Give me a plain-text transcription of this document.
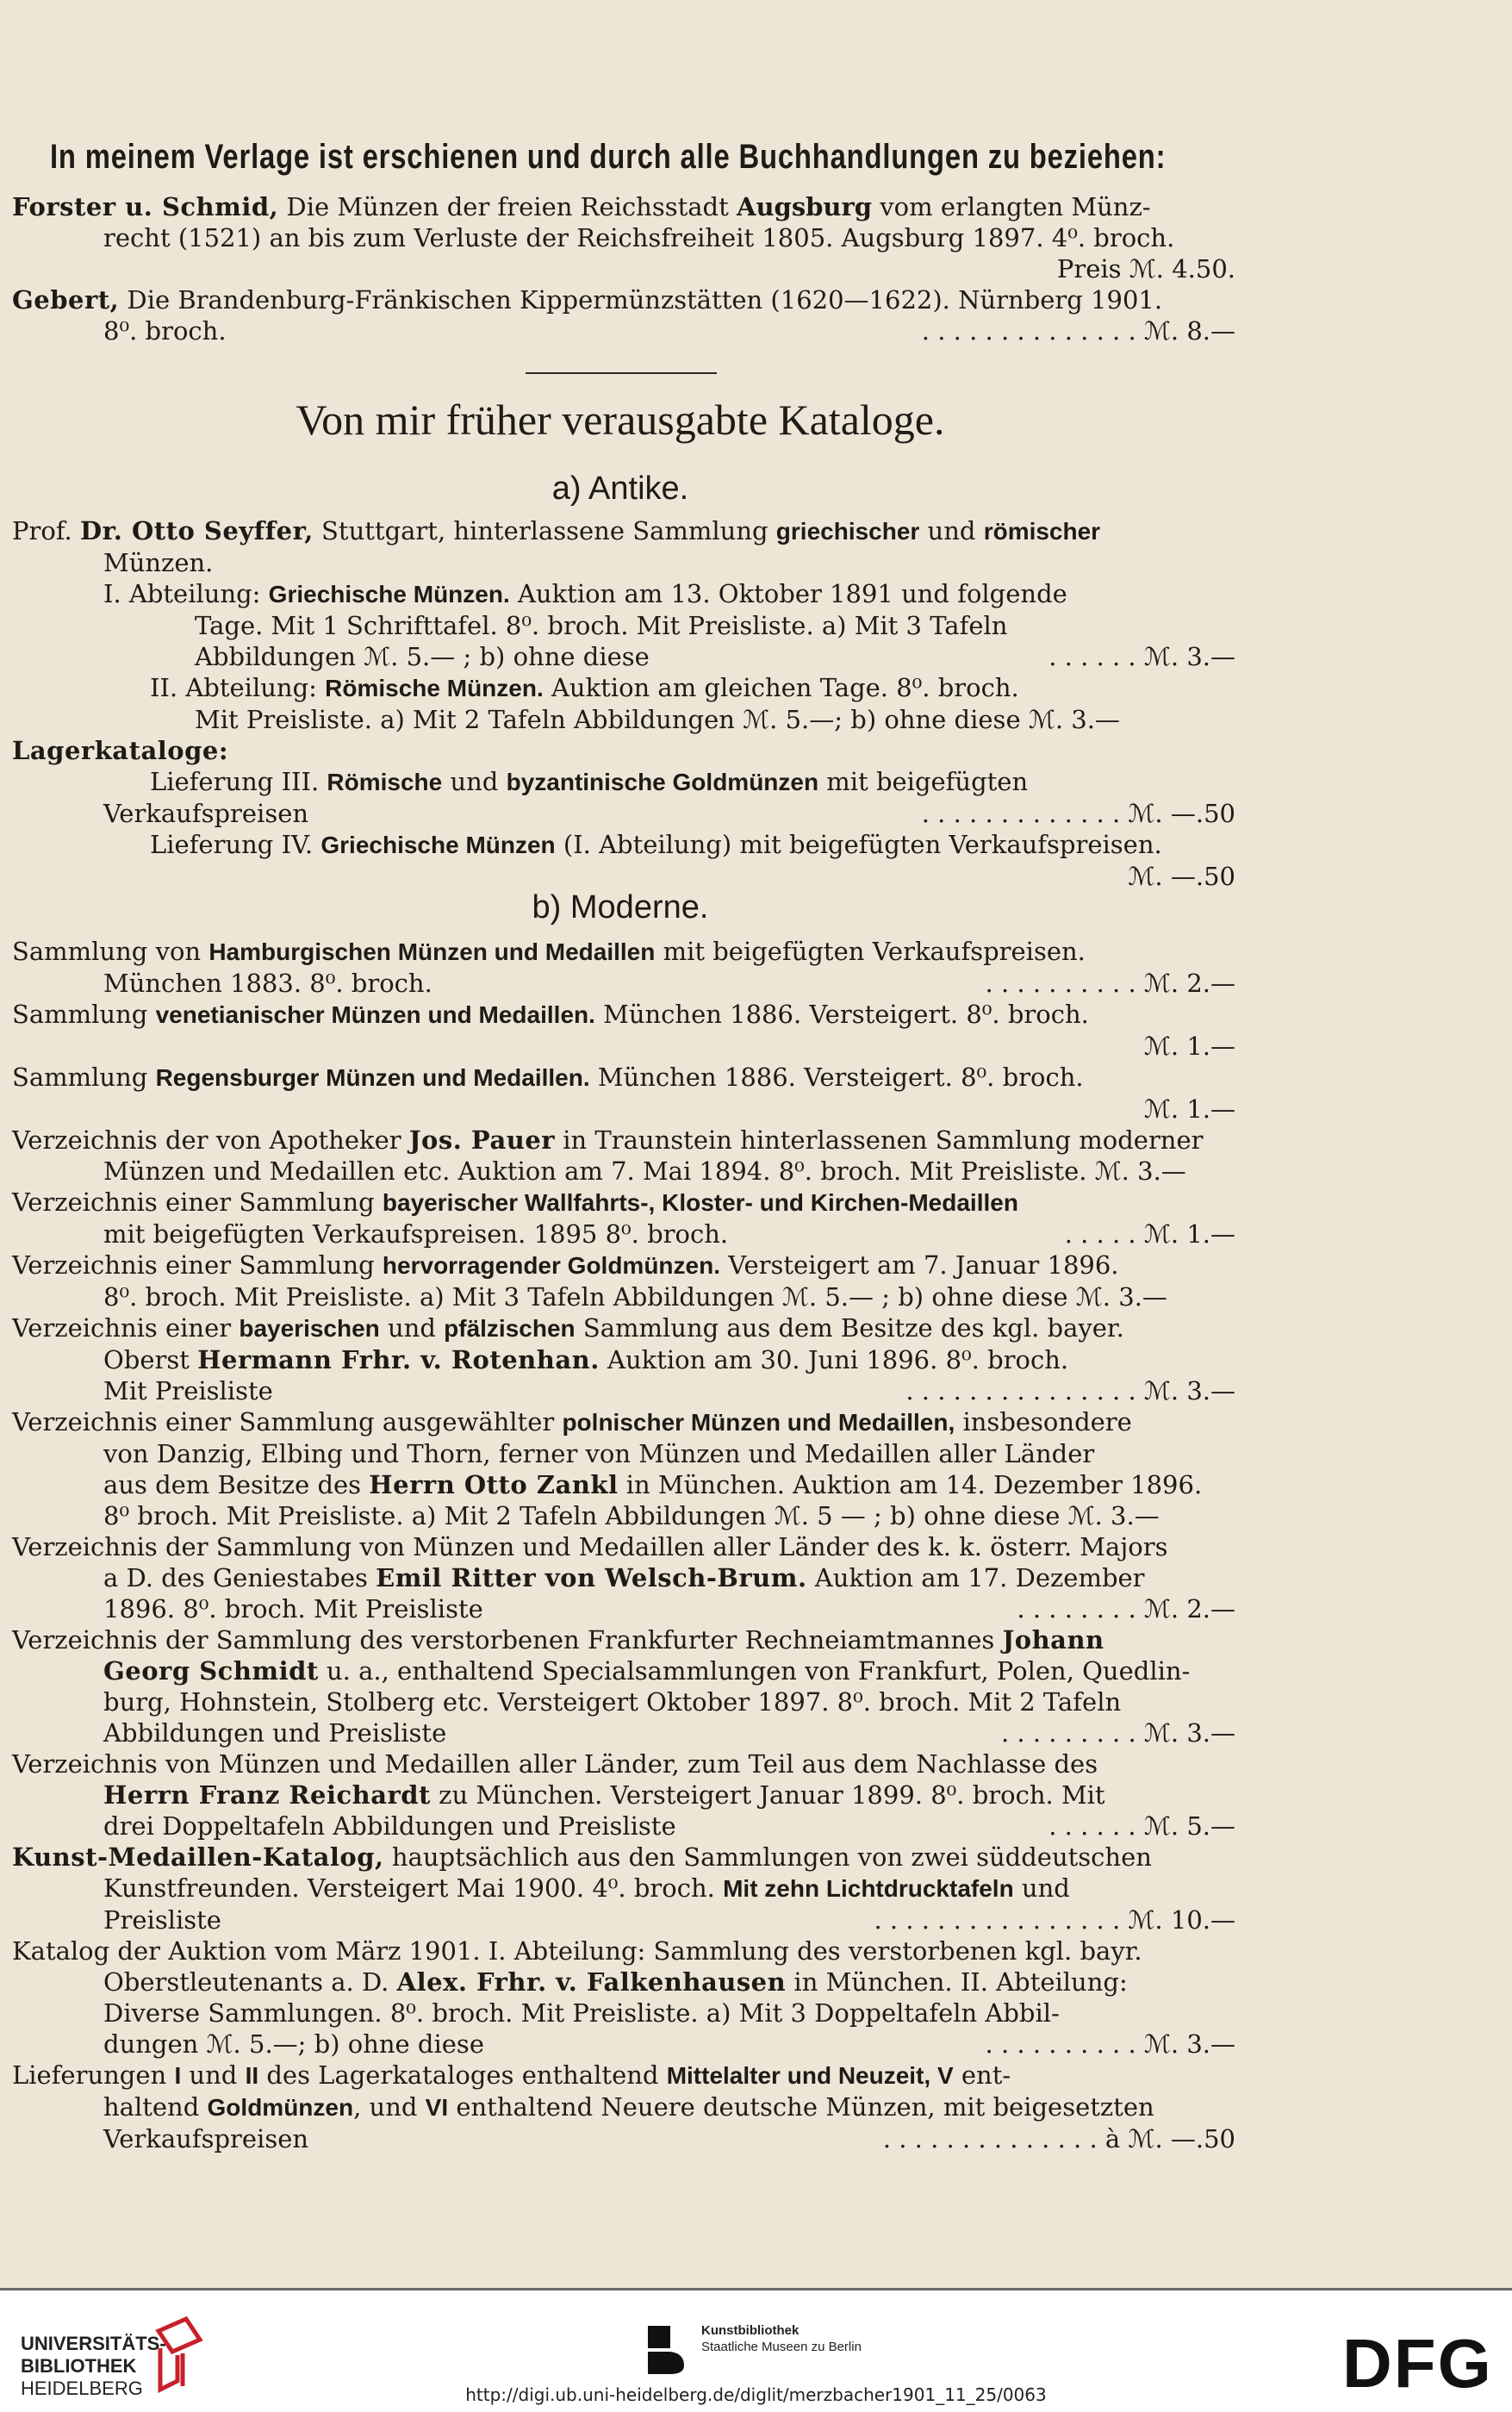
In meinem Verlage ist erschienen und durch alle Buchhandlungen zu beziehen:
Forster u. Schmid, Die Münzen der freien Reichsstadt Augsburg vom erlangten Münz-
recht (1521) an bis zum Verluste der Reichsfreiheit 1805. Augsburg 1897. 4⁰. broch.
Preis ℳ. 4.50.
Gebert, Die Brandenburg-Fränkischen Kippermünzstätten (1620—1622). Nürnberg 1901.
8⁰. broch.	. . . . . . . . . . . . . . ℳ. 8.—
Von mir früher verausgabte Kataloge.
a) Antike.
Prof. Dr. Otto Seyffer, Stuttgart, hinterlassene Sammlung griechischer und römischer
Münzen.
I. Abteilung: Griechische Münzen. Auktion am 13. Oktober 1891 und folgende
Tage. Mit 1 Schrifttafel. 8⁰. broch. Mit Preisliste. a) Mit 3 Tafeln
Abbildungen ℳ. 5.— ; b) ohne diese	. . . . . . ℳ. 3.—
II. Abteilung: Römische Münzen. Auktion am gleichen Tage. 8⁰. broch.
Mit Preisliste. a) Mit 2 Tafeln Abbildungen ℳ. 5.—; b) ohne diese ℳ. 3.—
Lagerkataloge:
Lieferung III. Römische und byzantinische Goldmünzen mit beigefügten
Verkaufspreisen	. . . . . . . . . . . . . ℳ. —.50
Lieferung IV. Griechische Münzen (I. Abteilung) mit beigefügten Verkaufspreisen.
ℳ. —.50
b) Moderne.
Sammlung von Hamburgischen Münzen und Medaillen mit beigefügten Verkaufspreisen.
München 1883. 8⁰. broch.	. . . . . . . . . . ℳ. 2.—
Sammlung venetianischer Münzen und Medaillen. München 1886. Versteigert. 8⁰. broch.
ℳ. 1.—
Sammlung Regensburger Münzen und Medaillen. München 1886. Versteigert. 8⁰. broch.
ℳ. 1.—
Verzeichnis der von Apotheker Jos. Pauer in Traunstein hinterlassenen Sammlung moderner
Münzen und Medaillen etc. Auktion am 7. Mai 1894. 8⁰. broch. Mit Preisliste. ℳ. 3.—
Verzeichnis einer Sammlung bayerischer Wallfahrts-, Kloster- und Kirchen-Medaillen
mit beigefügten Verkaufspreisen. 1895 8⁰. broch.	. . . . . ℳ. 1.—
Verzeichnis einer Sammlung hervorragender Goldmünzen. Versteigert am 7. Januar 1896.
8⁰. broch. Mit Preisliste. a) Mit 3 Tafeln Abbildungen ℳ. 5.— ; b) ohne diese ℳ. 3.—
Verzeichnis einer bayerischen und pfälzischen Sammlung aus dem Besitze des kgl. bayer.
Oberst Hermann Frhr. v. Rotenhan. Auktion am 30. Juni 1896. 8⁰. broch.
Mit Preisliste	. . . . . . . . . . . . . . . ℳ. 3.—
Verzeichnis einer Sammlung ausgewählter polnischer Münzen und Medaillen, insbesondere
von Danzig, Elbing und Thorn, ferner von Münzen und Medaillen aller Länder
aus dem Besitze des Herrn Otto Zankl in München. Auktion am 14. Dezember 1896.
8⁰ broch. Mit Preisliste. a) Mit 2 Tafeln Abbildungen ℳ. 5 — ; b) ohne diese ℳ. 3.—
Verzeichnis der Sammlung von Münzen und Medaillen aller Länder des k. k. österr. Majors
a D. des Geniestabes Emil Ritter von Welsch-Brum. Auktion am 17. Dezember
1896. 8⁰. broch. Mit Preisliste	. . . . . . . . ℳ. 2.—
Verzeichnis der Sammlung des verstorbenen Frankfurter Rechneiamtmannes Johann
Georg Schmidt u. a., enthaltend Specialsammlungen von Frankfurt, Polen, Quedlin-
burg, Hohnstein, Stolberg etc. Versteigert Oktober 1897. 8⁰. broch. Mit 2 Tafeln
Abbildungen und Preisliste	. . . . . . . . . ℳ. 3.—
Verzeichnis von Münzen und Medaillen aller Länder, zum Teil aus dem Nachlasse des
Herrn Franz Reichardt zu München. Versteigert Januar 1899. 8⁰. broch. Mit
drei Doppeltafeln Abbildungen und Preisliste	. . . . . . ℳ. 5.—
Kunst-Medaillen-Katalog, hauptsächlich aus den Sammlungen von zwei süddeutschen
Kunstfreunden. Versteigert Mai 1900. 4⁰. broch. Mit zehn Lichtdrucktafeln und
Preisliste	. . . . . . . . . . . . . . . . ℳ. 10.—
Katalog der Auktion vom März 1901. I. Abteilung: Sammlung des verstorbenen kgl. bayr.
Oberstleutenants a. D. Alex. Frhr. v. Falkenhausen in München. II. Abteilung:
Diverse Sammlungen. 8⁰. broch. Mit Preisliste. a) Mit 3 Doppeltafeln Abbil-
dungen ℳ. 5.—; b) ohne diese	. . . . . . . . . . ℳ. 3.—
Lieferungen I und II des Lagerkataloges enthaltend Mittelalter und Neuzeit, V ent-
haltend Goldmünzen, und VI enthaltend Neuere deutsche Münzen, mit beigesetzten
Verkaufspreisen	. . . . . . . . . . . . . . à ℳ. —.50
UNIVERSITÄTS-
BIBLIOTHEK
HEIDELBERG
Kunstbibliothek
Staatliche Museen zu Berlin	DFG
http://digi.ub.uni-heidelberg.de/diglit/merzbacher1901_11_25/0063
